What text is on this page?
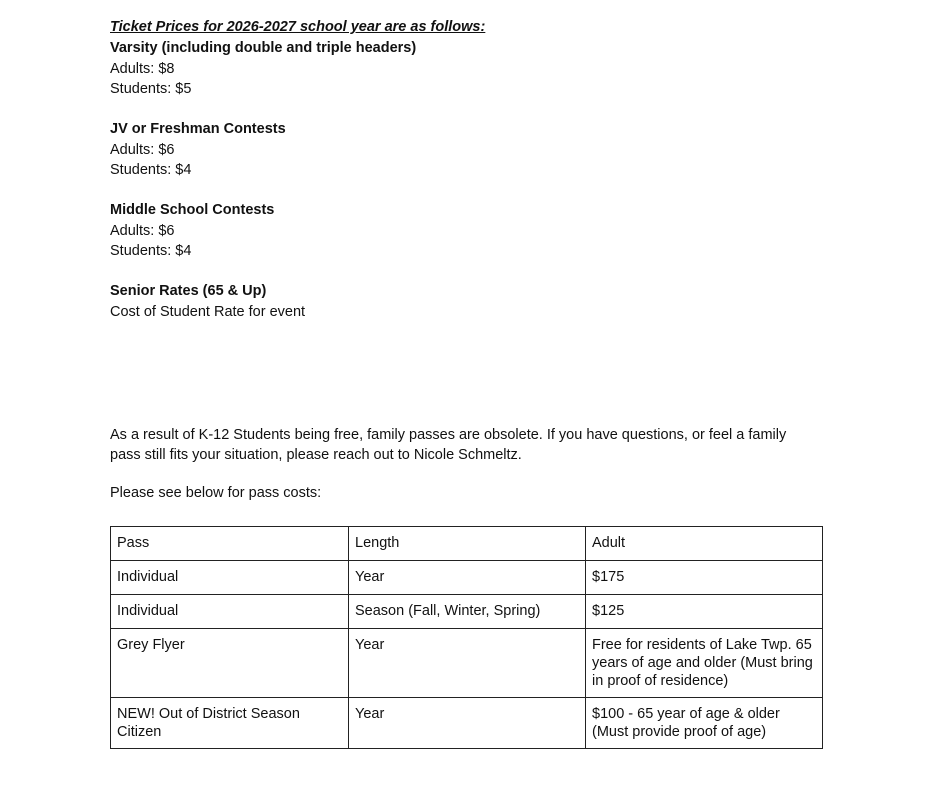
Ticket Prices for 2026-2027 school year are as follows:
Varsity (including double and triple headers)
Adults: $8
Students: $5
JV or Freshman Contests
Adults: $6
Students: $4
Middle School Contests
Adults: $6
Students: $4
Senior Rates (65 & Up)
Cost of Student Rate for event
As a result of K-12 Students being free, family passes are obsolete. If you have questions, or feel a family pass still fits your situation, please reach out to Nicole Schmeltz.
Please see below for pass costs:
Pass	Length	Adult
Individual	Year	$175
Individual	Season (Fall, Winter, Spring)	$125
Grey Flyer	Year	Free for residents of Lake Twp. 65 years of age and older (Must bring in proof of residence)
NEW! Out of District Season Citizen	Year	$100 - 65 year of age & older (Must provide proof of age)
